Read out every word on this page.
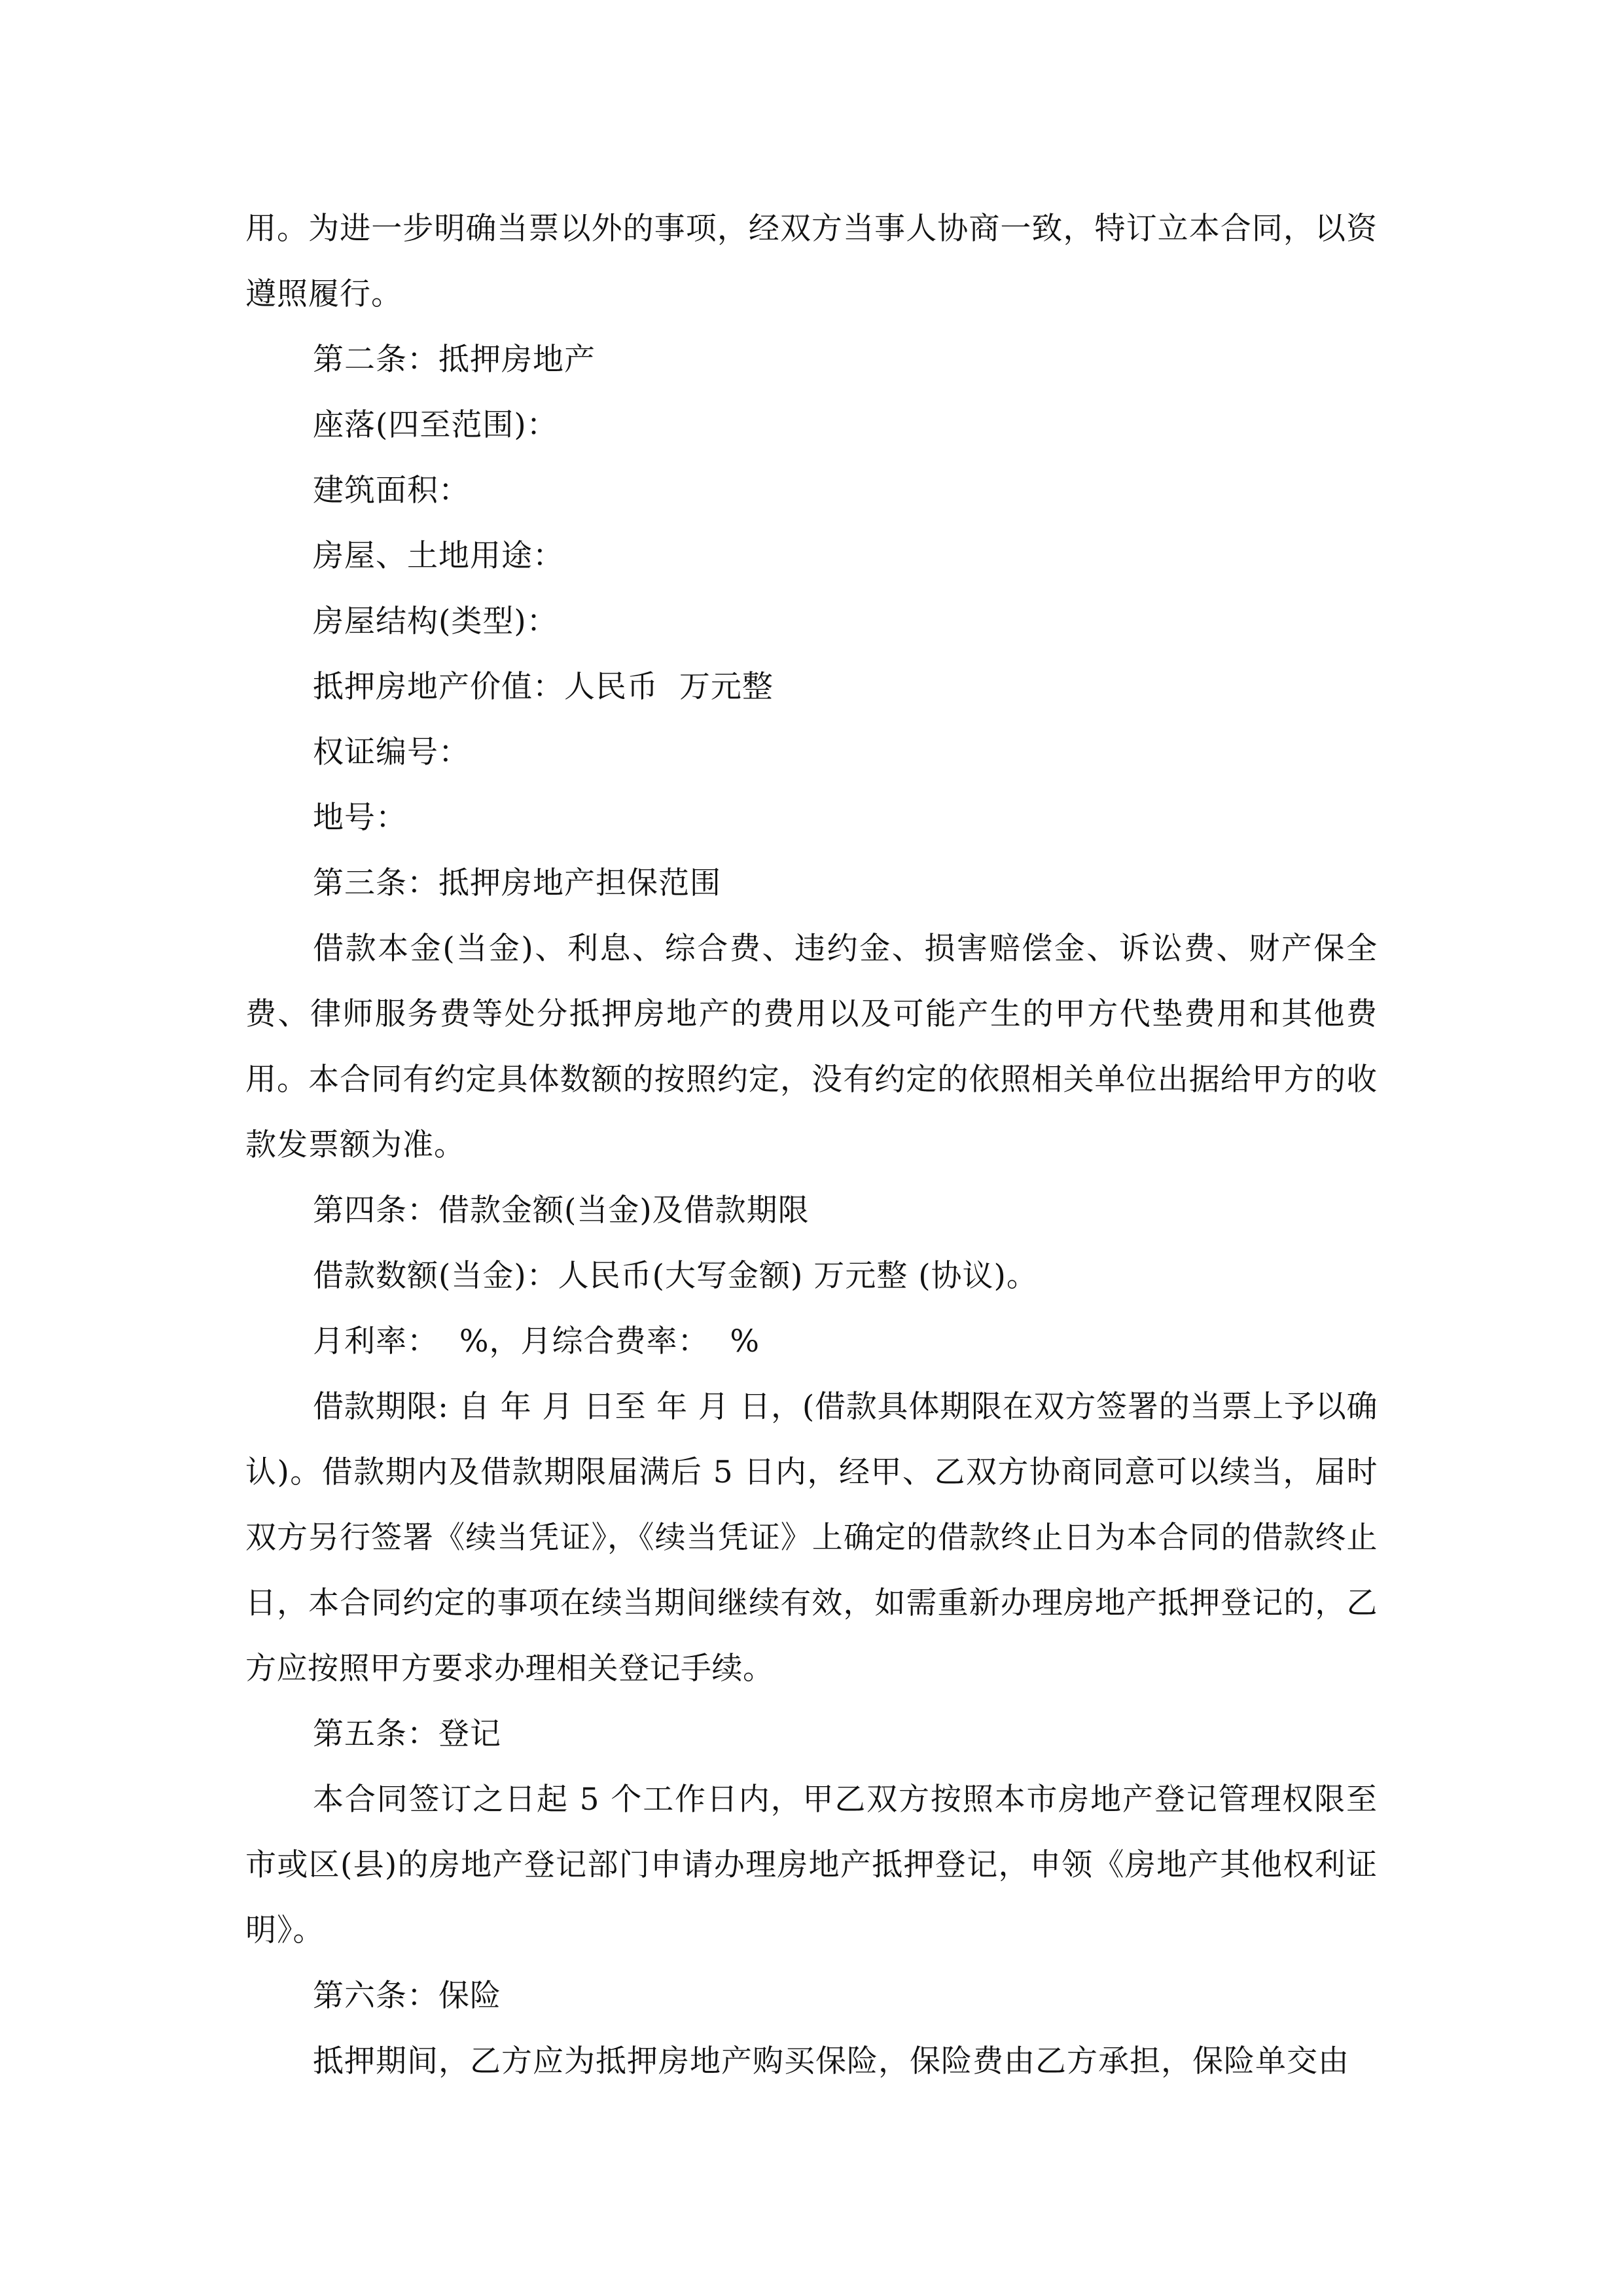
用。为进一步明确当票以外的事项，经双方当事人协商一致，特订立本合同，以资遵照履行。

第二条：抵押房地产

座落(四至范围)：

建筑面积：

房屋、土地用途：

房屋结构(类型)：

抵押房地产价值：人民币  万元整

权证编号：

地号：

第三条：抵押房地产担保范围

借款本金(当金)、利息、综合费、违约金、损害赔偿金、诉讼费、财产保全费、律师服务费等处分抵押房地产的费用以及可能产生的甲方代垫费用和其他费用。本合同有约定具体数额的按照约定，没有约定的依照相关单位出据给甲方的收款发票额为准。

第四条：借款金额(当金)及借款期限

借款数额(当金)：人民币(大写金额) 万元整 (协议)。

月利率：  %，月综合费率：  %

借款期限: 自 年 月 日至 年 月 日，(借款具体期限在双方签署的当票上予以确认)。借款期内及借款期限届满后 5 日内，经甲、乙双方协商同意可以续当，届时双方另行签署《续当凭证》，《续当凭证》上确定的借款终止日为本合同的借款终止日，本合同约定的事项在续当期间继续有效，如需重新办理房地产抵押登记的，乙方应按照甲方要求办理相关登记手续。

第五条：登记

本合同签订之日起 5 个工作日内，甲乙双方按照本市房地产登记管理权限至市或区(县)的房地产登记部门申请办理房地产抵押登记，申领《房地产其他权利证明》。

第六条：保险

抵押期间，乙方应为抵押房地产购买保险，保险费由乙方承担，保险单交由
